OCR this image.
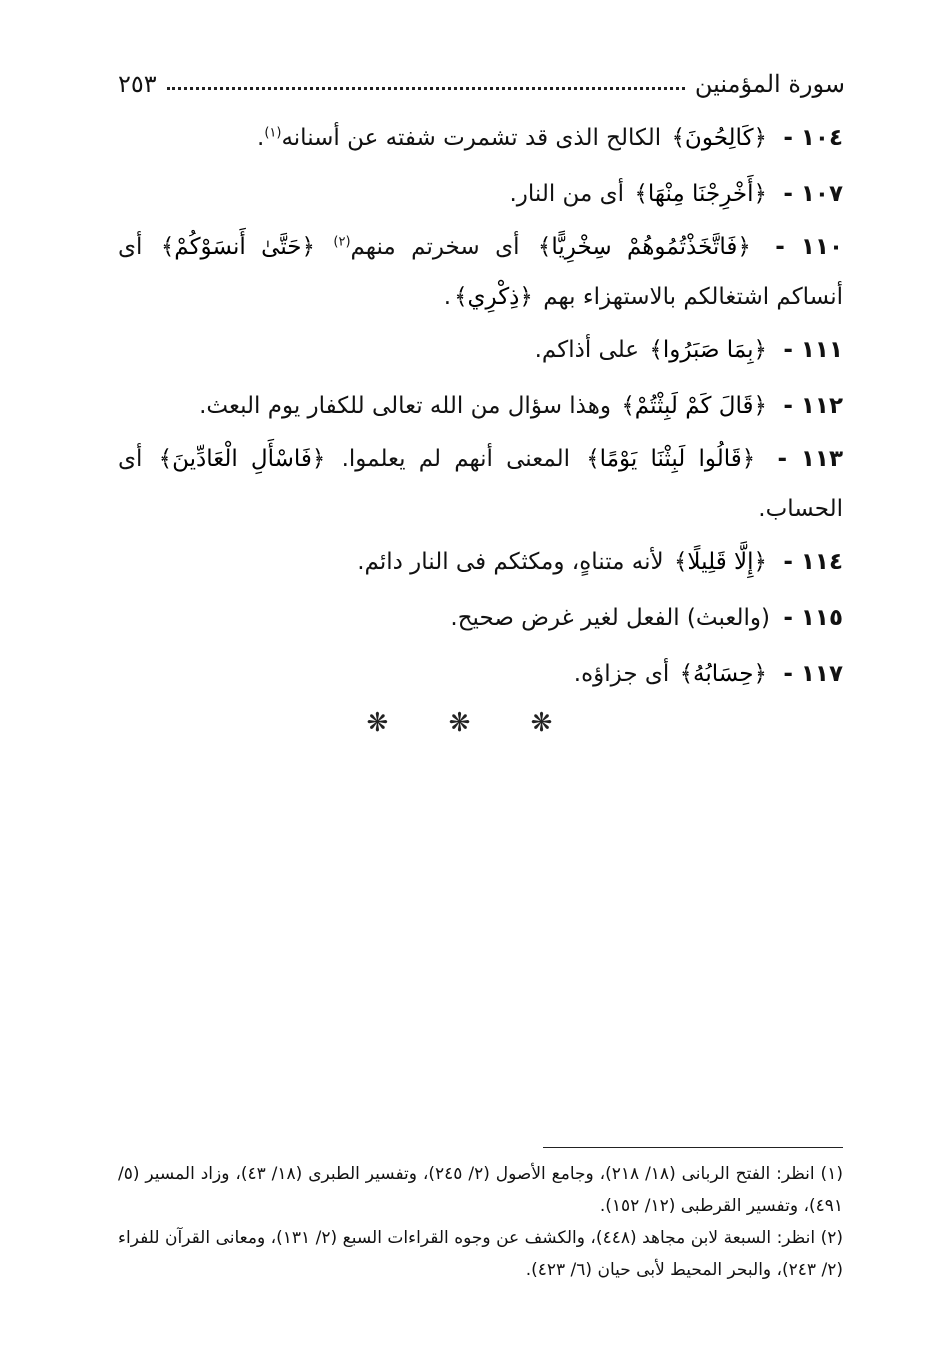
سورة المؤمنين
٢٥٣

١٠٤ - ﴿كَالِحُونَ﴾ الكالح الذى قد تشمرت شفته عن أسنانه$^{(١)}$.

١٠٧ - ﴿أَخْرِجْنَا مِنْهَا﴾ أى من النار.

١١٠ - ﴿فَاتَّخَذْتُمُوهُمْ سِخْرِيًّا﴾ أى سخرتم منهم$^{(٢)}$ ﴿حَتَّىٰ أَنسَوْكُمْ﴾ أى أنساكم اشتغالكم بالاستهزاء بهم ﴿ذِكْرِي﴾.

١١١ - ﴿بِمَا صَبَرُوا﴾ على أذاكم.

١١٢ - ﴿قَالَ كَمْ لَبِثْتُمْ﴾ وهذا سؤال من الله تعالى للكفار يوم البعث.

١١٣ - ﴿قَالُوا لَبِثْنَا يَوْمًا﴾ المعنى أنهم لم يعلموا. ﴿فَاسْأَلِ الْعَادِّينَ﴾ أى الحساب.

١١٤ - ﴿إِلَّا قَلِيلًا﴾ لأنه متناهٍ، ومكثكم فى النار دائم.

١١٥ - (والعبث) الفعل لغير غرض صحيح.

١١٧ - ﴿حِسَابُهُ﴾ أى جزاؤه.

❋ ❋ ❋

(١) انظر: الفتح الربانى (١٨/ ٢١٨)، وجامع الأصول (٢/ ٢٤٥)، وتفسير الطبرى (١٨/ ٤٣)، وزاد المسير (٥/ ٤٩١)، وتفسير القرطبى (١٢/ ١٥٢).

(٢) انظر: السبعة لابن مجاهد (٤٤٨)، والكشف عن وجوه القراءات السبع (٢/ ١٣١)، ومعانى القرآن للفراء (٢/ ٢٤٣)، والبحر المحيط لأبى حيان (٦/ ٤٢٣).
